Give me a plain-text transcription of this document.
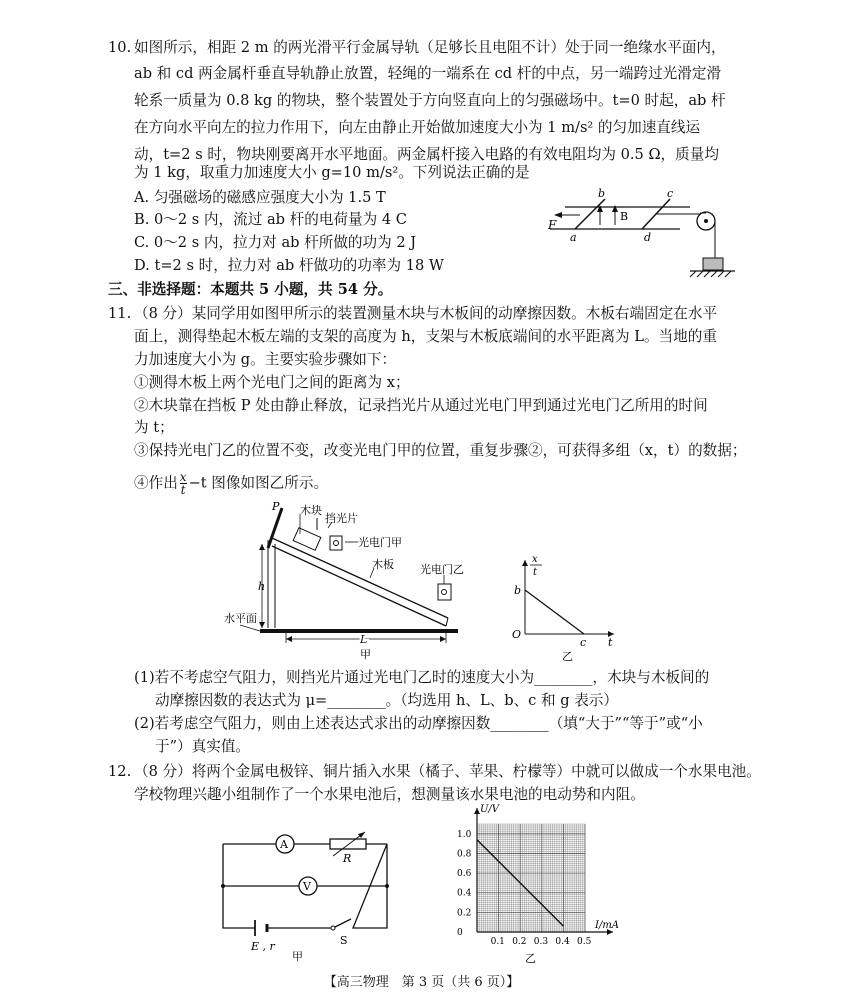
10. 如图所示，相距 2 m 的两光滑平行金属导轨（足够长且电阻不计）处于同一绝缘水平面内，
ab 和 cd 两金属杆垂直导轨静止放置，轻绳的一端系在 cd 杆的中点，另一端跨过光滑定滑
轮系一质量为 0.8 kg 的物块，整个装置处于方向竖直向上的匀强磁场中。t=0 时起，ab 杆
在方向水平向左的拉力作用下，向左由静止开始做加速度大小为 1 m/s² 的匀加速直线运
动，t=2 s 时，物块刚要离开水平地面。两金属杆接入电路的有效电阻均为 0.5 Ω，质量均
为 1 kg，取重力加速度大小 g=10 m/s²。下列说法正确的是
A. 匀强磁场的磁感应强度大小为 1.5 T
B. 0～2 s 内，流过 ab 杆的电荷量为 4 C
C. 0～2 s 内，拉力对 ab 杆所做的功为 2 J
D. t=2 s 时，拉力对 ab 杆做功的功率为 18 W
B
F
b	c
a	d
三、非选择题：本题共 5 小题，共 54 分。
11. （8 分）某同学用如图甲所示的装置测量木块与木板间的动摩擦因数。木板右端固定在水平
面上，测得垫起木板左端的支架的高度为 h，支架与木板底端间的水平距离为 L。当地的重
力加速度大小为 g。主要实验步骤如下：
①测得木板上两个光电门之间的距离为 x；
②木块靠在挡板 P 处由静止释放，记录挡光片从通过光电门甲到通过光电门乙所用的时间
为 t；
③保持光电门乙的位置不变，改变光电门甲的位置，重复步骤②，可获得多组（x，t）的数据；
④作出 $\frac{x}{t} -t$ 图像如图乙所示。
P 木块
挡光片
光电门甲
木板 光电门乙
h
水平面
L
甲
b
O
c t
x
t
乙
(1)若不考虑空气阻力，则挡光片通过光电门乙时的速度大小为________，木块与木板间的
动摩擦因数的表达式为 μ=________。（均选用 h、L、b、c 和 g 表示）
(2)若考虑空气阻力，则由上述表达式求出的动摩擦因数________（填“大于”“等于”或“小
于”）真实值。
12. （8 分）将两个金属电极锌、铜片插入水果（橘子、苹果、柠檬等）中就可以做成一个水果电池。
学校物理兴趣小组制作了一个水果电池后，想测量该水果电池的电动势和内阻。
A
R
V
E , r	S
甲
0.1 0.2 0.3 0.4 0.5
0
0.2
0.4
0.6
0.8
1.0
I/mA
U/V
乙
【高三物理　第 3 页（共 6 页）】
